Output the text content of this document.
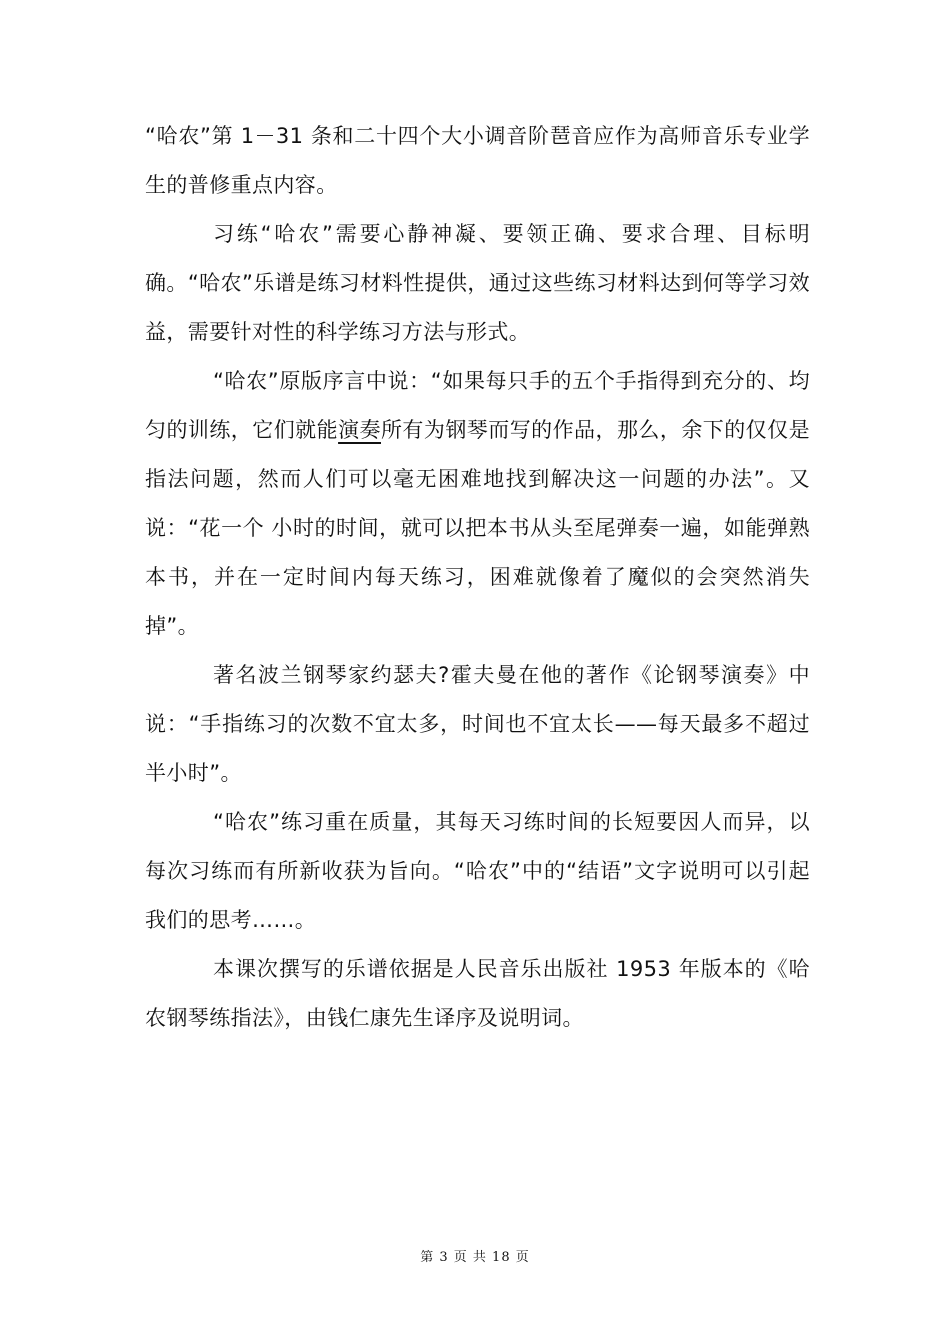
“哈农”第 1－31 条和二十四个大小调音阶琶音应作为高师音乐专业学生的普修重点内容。

习练“哈农”需要心静神凝、要领正确、要求合理、目标明确。“哈农”乐谱是练习材料性提供，通过这些练习材料达到何等学习效益，需要针对性的科学练习方法与形式。

“哈农”原版序言中说：“如果每只手的五个手指得到充分的、均匀的训练，它们就能演奏所有为钢琴而写的作品，那么，余下的仅仅是指法问题，然而人们可以毫无困难地找到解决这一问题的办法”。又说：“花一个 小时的时间，就可以把本书从头至尾弹奏一遍，如能弹熟本书，并在一定时间内每天练习，困难就像着了魔似的会突然消失掉”。

著名波兰钢琴家约瑟夫?霍夫曼在他的著作《论钢琴演奏》中说：“手指练习的次数不宜太多，时间也不宜太长——每天最多不超过半小时”。

“哈农”练习重在质量，其每天习练时间的长短要因人而异，以每次习练而有所新收获为旨向。“哈农”中的“结语”文字说明可以引起我们的思考……。

本课次撰写的乐谱依据是人民音乐出版社 1953 年版本的《哈农钢琴练指法》，由钱仁康先生译序及说明词。

第 3 页 共 18 页
